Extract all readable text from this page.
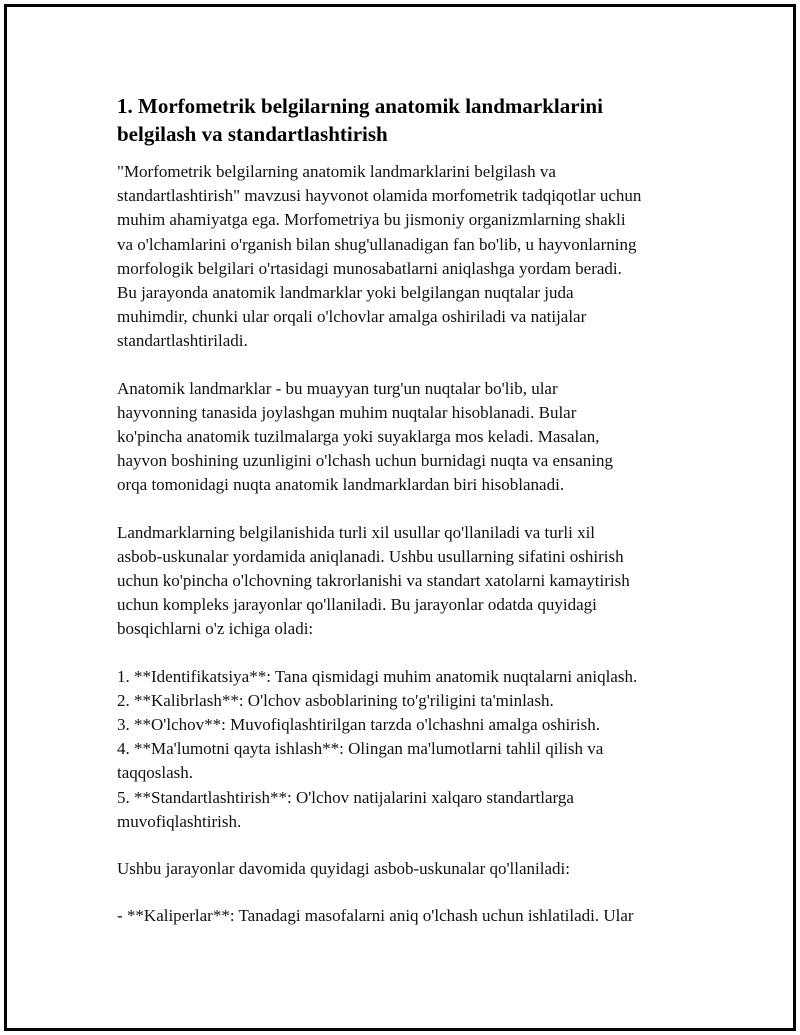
1. Morfometrik belgilarning anatomik landmarklarini
belgilash va standartlashtirish

"Morfometrik belgilarning anatomik landmarklarini belgilash va
standartlashtirish" mavzusi hayvonot olamida morfometrik tadqiqotlar uchun
muhim ahamiyatga ega. Morfometriya bu jismoniy organizmlarning shakli
va o'lchamlarini o'rganish bilan shug'ullanadigan fan bo'lib, u hayvonlarning
morfologik belgilari o'rtasidagi munosabatlarni aniqlashga yordam beradi.
Bu jarayonda anatomik landmarklar yoki belgilangan nuqtalar juda
muhimdir, chunki ular orqali o'lchovlar amalga oshiriladi va natijalar
standartlashtiriladi.

Anatomik landmarklar - bu muayyan turg'un nuqtalar bo'lib, ular
hayvonning tanasida joylashgan muhim nuqtalar hisoblanadi. Bular
ko'pincha anatomik tuzilmalarga yoki suyaklarga mos keladi. Masalan,
hayvon boshining uzunligini o'lchash uchun burnidagi nuqta va ensaning
orqa tomonidagi nuqta anatomik landmarklardan biri hisoblanadi.

Landmarklarning belgilanishida turli xil usullar qo'llaniladi va turli xil
asbob-uskunalar yordamida aniqlanadi. Ushbu usullarning sifatini oshirish
uchun ko'pincha o'lchovning takrorlanishi va standart xatolarni kamaytirish
uchun kompleks jarayonlar qo'llaniladi. Bu jarayonlar odatda quyidagi
bosqichlarni o'z ichiga oladi:

1. **Identifikatsiya**: Tana qismidagi muhim anatomik nuqtalarni aniqlash.
2. **Kalibrlash**: O'lchov asboblarining to'g'riligini ta'minlash.
3. **O'lchov**: Muvofiqlashtirilgan tarzda o'lchashni amalga oshirish.
4. **Ma'lumotni qayta ishlash**: Olingan ma'lumotlarni tahlil qilish va
taqqoslash.
5. **Standartlashtirish**: O'lchov natijalarini xalqaro standartlarga
muvofiqlashtirish.

Ushbu jarayonlar davomida quyidagi asbob-uskunalar qo'llaniladi:

- **Kaliperlar**: Tanadagi masofalarni aniq o'lchash uchun ishlatiladi. Ular
